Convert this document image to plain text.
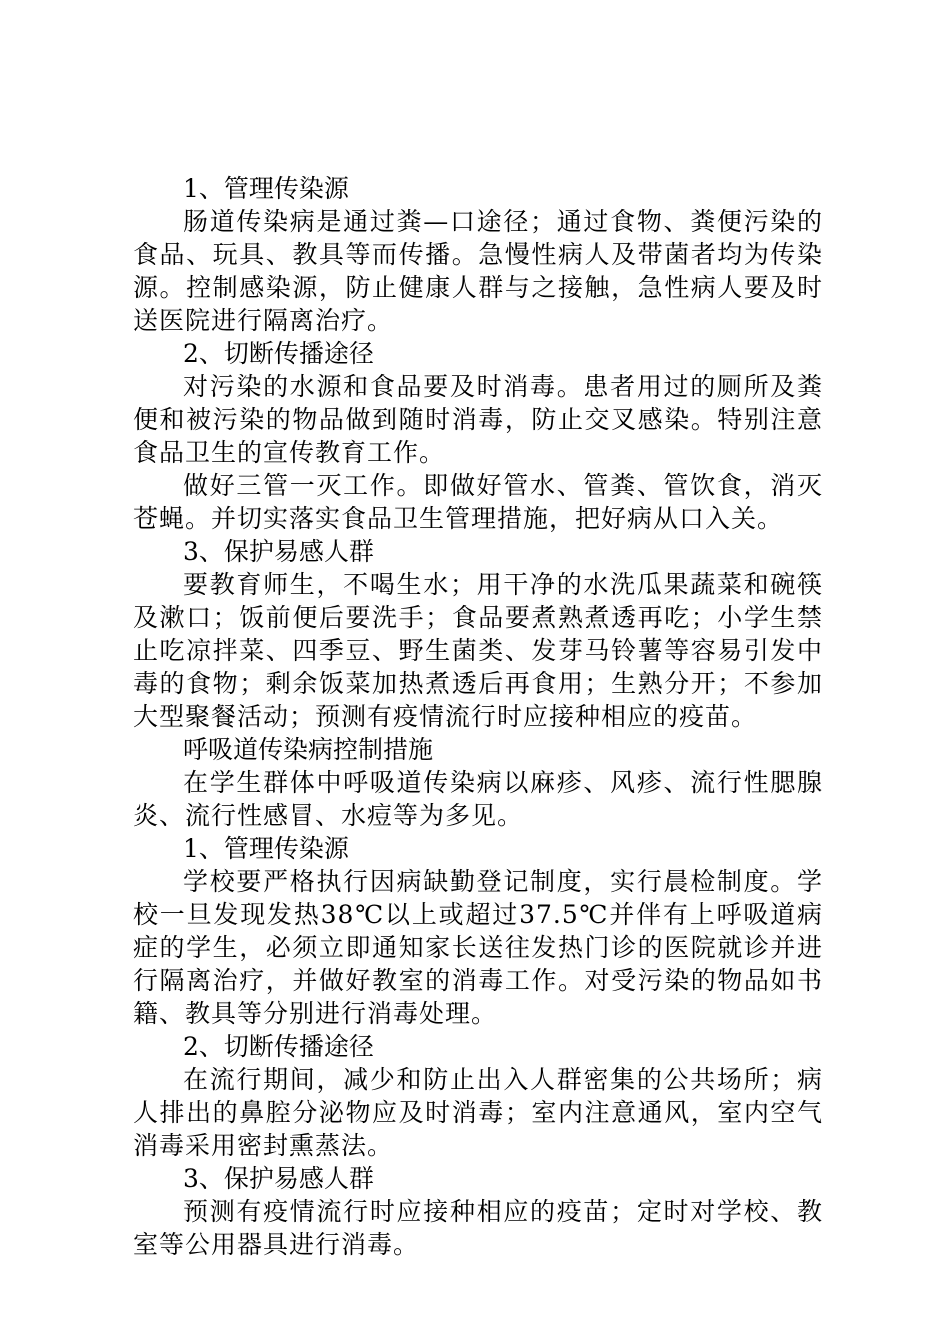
1、管理传染源

肠道传染病是通过粪—口途径；通过食物、粪便污染的食品、玩具、教具等而传播。急慢性病人及带菌者均为传染源。控制感染源，防止健康人群与之接触，急性病人要及时送医院进行隔离治疗。

2、切断传播途径

对污染的水源和食品要及时消毒。患者用过的厕所及粪便和被污染的物品做到随时消毒，防止交叉感染。特别注意食品卫生的宣传教育工作。

做好三管一灭工作。即做好管水、管粪、管饮食，消灭苍蝇。并切实落实食品卫生管理措施，把好病从口入关。

3、保护易感人群

要教育师生，不喝生水；用干净的水洗瓜果蔬菜和碗筷及漱口；饭前便后要洗手；食品要煮熟煮透再吃；小学生禁止吃凉拌菜、四季豆、野生菌类、发芽马铃薯等容易引发中毒的食物；剩余饭菜加热煮透后再食用；生熟分开；不参加大型聚餐活动；预测有疫情流行时应接种相应的疫苗。

呼吸道传染病控制措施

在学生群体中呼吸道传染病以麻疹、风疹、流行性腮腺炎、流行性感冒、水痘等为多见。

1、管理传染源

学校要严格执行因病缺勤登记制度，实行晨检制度。学校一旦发现发热38℃以上或超过37.5℃并伴有上呼吸道病症的学生，必须立即通知家长送往发热门诊的医院就诊并进行隔离治疗，并做好教室的消毒工作。对受污染的物品如书籍、教具等分别进行消毒处理。

2、切断传播途径

在流行期间，减少和防止出入人群密集的公共场所；病人排出的鼻腔分泌物应及时消毒；室内注意通风，室内空气消毒采用密封熏蒸法。

3、保护易感人群

预测有疫情流行时应接种相应的疫苗；定时对学校、教室等公用器具进行消毒。
